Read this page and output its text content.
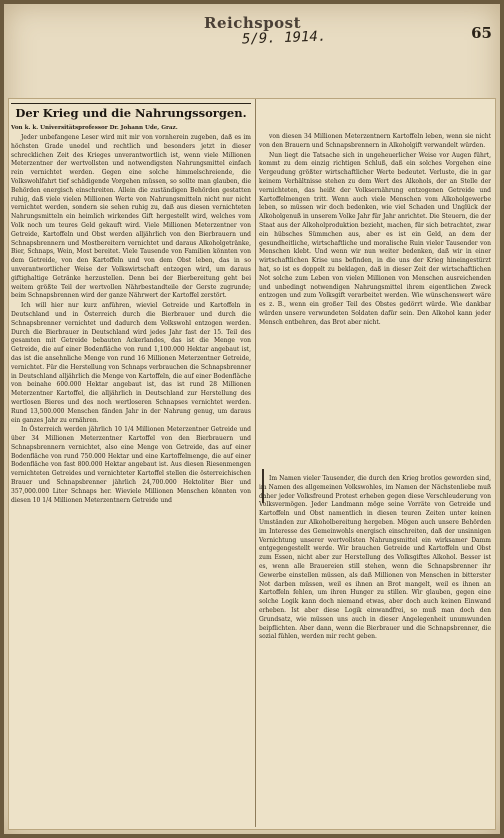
Reichspost
5/9. 1914.	65
Der Krieg und die Nahrungssorgen.
Von k. k. Universitätsprofessor Dr. Johann Ude, Graz.

Jeder unbefangene Leser wird mit mir von vornherein zugeben, daß es im höchsten Grade unedel und rechtlich und besonders jetzt in dieser schrecklichen Zeit des Krieges unverantwortlich ist, wenn viele Millionen Meterzentner der wertvollsten und notwendigsten Nahrungsmittel einfach rein vernichtet werden. Gegen eine solche himmelschreiende, die Volkswohlfahrt tief schädigende Vorgehen müssen, so sollte man glauben, die Behörden energisch einschreiten. Allein die zuständigen Behörden gestatten ruhig, daß viele vielen Millionen Werte von Nahrungsmitteln nicht nur nicht vernichtet werden, sondern sie sehen ruhig zu, daß aus diesen vernichteten Nahrungsmitteln ein heimlich wirkendes Gift hergestellt wird, welches vom Volk noch um teures Geld gekauft wird. Viele Millionen Meterzentner von Getreide, Kartoffeln und Obst werden alljährlich von den Bierbrauern und Schnapsbrennern und Mostbereitern vernichtet und daraus Alkoholgetränke, Bier, Schnaps, Wein, Most bereitet. Viele Tausende von Familien könnten von dem Getreide, von den Kartoffeln und von dem Obst leben, das in so unverantwortlicher Weise der Volkswirtschaft entzogen wird, um daraus giftighaltige Getränke herzustellen. Denn bei der Bierbereitung geht bei weitem größte Teil der wertvollen Nährbestandteile der Gerste zugrunde; beim Schnapsbrennen wird der ganze Nährwert der Kartoffel zerstört.

Ich will hier nur kurz anführen, wieviel Getreide und Kartoffeln in Deutschland und in Österreich durch die Bierbrauer und durch die Schnapsbrenner vernichtet und dadurch dem Volkswohl entzogen werden. Durch die Bierbrauer in Deutschland wird jedes Jahr fast der 15. Teil des gesamten mit Getreide bebauten Ackerlandes, das ist die Menge von Getreide, die auf einer Bodenfläche von rund 1,100.000 Hektar angebaut ist, das ist die ansehnliche Menge von rund 16 Millionen Meterzentner Getreide, vernichtet. Für die Herstellung von Schnaps verbrauchen die Schnapsbrenner in Deutschland alljährlich die Menge von Kartoffeln, die auf einer Bodenfläche von beinahe 600.000 Hektar angebaut ist, das ist rund 28 Millionen Meterzentner Kartoffel, die alljährlich in Deutschland zur Herstellung des wertlosen Bieres und des noch wertloseren Schnapses vernichtet werden. Rund 13,500.000 Menschen fänden Jahr in der Nahrung genug, um daraus ein ganzes Jahr zu ernähren.

In Österreich werden jährlich 10 1/4 Millionen Meterzentner Getreide und über 34 Millionen Meterzentner Kartoffel von den Bierbrauern und Schnapsbrennern vernichtet, also eine Menge von Getreide, das auf einer Bodenfläche von rund 750.000 Hektar und eine Kartoffelmenge, die auf einer Bodenfläche von fast 800.000 Hektar angebaut ist. Aus diesen Riesenmengen vernichteten Getreides und vernichteter Kartoffel stellen die österreichischen Brauer und Schnapsbrenner jährlich 24,700.000 Hektoliter Bier und 357,000.000 Liter Schnaps her. Wieviele Millionen Menschen könnten von diesen 10 1/4 Millionen Meterzentnern Getreide und

von diesen 34 Millionen Meterzentnern Kartoffeln leben, wenn sie nicht von den Brauern und Schnapsbrennern in Alkoholgift verwandelt würden.

Nun liegt die Tatsache sich in ungeheuerlicher Weise vor Augen führt, kommt zu dem einzig richtigen Schluß, daß ein solches Vorgehen eine Vergeudung größter wirtschaftlicher Werte bedeutet. Verluste, die in gar keinem Verhältnisse stehen zu dem Wert des Alkohols, der an Stelle der vernichteten, das heißt der Volksernährung entzogenen Getreide und Kartoffelmengen tritt. Wenn auch viele Menschen vom Alkoholgewerbe leben, so müssen wir doch bedenken, wie viel Schaden und Unglück der Alkoholgenuß in unserem Volke Jahr für Jahr anrichtet. Die Steuern, die der Staat aus der Alkoholproduktion bezieht, machen, für sich betrachtet, zwar ein hübsches Sümmchen aus, aber es ist ein Geld, an dem der gesundheitliche, wirtschaftliche und moralische Ruin vieler Tausender von Menschen klebt. Und wenn wir nun weiter bedenken, daß wir in einer wirtschaftlichen Krise uns befinden, in die uns der Krieg hineingestürzt hat, so ist es doppelt zu beklagen, daß in dieser Zeit der wirtschaftlichen Not solche zum Leben von vielen Millionen von Menschen ausreichenden und unbedingt notwendigen Nahrungsmittel ihrem eigentlichen Zweck entzogen und zum Volksgift verarbeitet werden. Wie wünschenswert wäre es z. B., wenn ein großer Teil des Obstes gedörrt würde. Wie dankbar würden unsere verwundeten Soldaten dafür sein. Den Alkohol kann jeder Mensch entbehren, das Brot aber nicht.

Im Namen vieler Tausender, die durch den Krieg brotlos geworden sind, im Namen des allgemeinen Volkswohles, im Namen der Nächstenliebe muß daher jeder Volksfreund Protest erheben gegen diese Verschleuderung von Volksvermögen. Jeder Landmann möge seine Vorräte von Getreide und Kartoffeln und Obst namentlich in diesen teuren Zeiten unter keinen Umständen zur Alkoholbereitung hergeben. Mögen auch unsere Behörden im Interesse des Gemeinwohls energisch einschreiten, daß der unsinnigen Vernichtung unserer wertvollsten Nahrungsmittel ein wirksamer Damm entgegengestellt werde. Wir brauchen Getreide und Kartoffeln und Obst zum Essen, nicht aber zur Herstellung des Volksgiftes Alkohol. Besser ist es, wenn alle Brauereien still stehen, wenn die Schnapsbrenner ihr Gewerbe einstellen müssen, als daß Millionen von Menschen in bitterster Not darben müssen, weil es ihnen an Brot mangelt, weil es ihnen an Kartoffeln fehlen, um ihren Hunger zu stillen. Wir glauben, gegen eine solche Logik kann doch niemand etwas, aber doch auch keinen Einwand erheben. Ist aber diese Logik einwandfrei, so muß man doch den Grundsatz, wie müssen uns auch in dieser Angelegenheit unumwunden beipflichten. Aber dann, wenn die Bierbrauer und die Schnapsbrenner, die sozial fühlen, werden mir recht geben.
